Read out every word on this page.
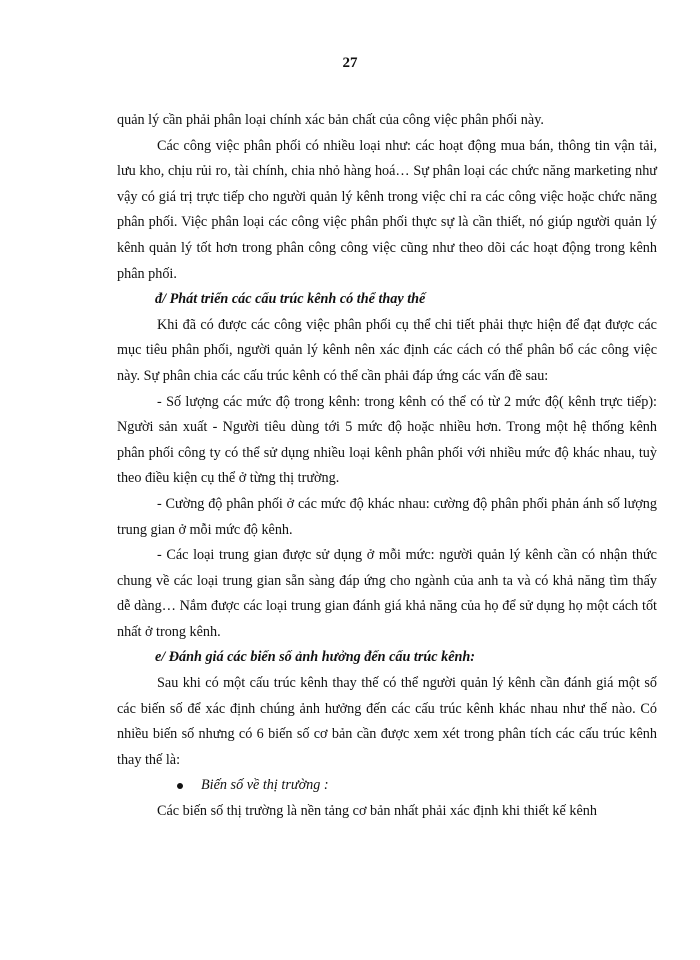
27

quản lý cần phải phân loại chính xác bản chất của công việc phân phối này.

Các công việc phân phối có nhiều loại như: các hoạt động mua bán, thông tin vận tải, lưu kho, chịu rủi ro, tài chính, chia nhỏ hàng hoá… Sự phân loại các chức năng marketing như vậy có giá trị trực tiếp cho người quản lý kênh trong việc chỉ ra các công việc hoặc chức năng phân phối. Việc phân loại các công việc phân phối thực sự là cần thiết, nó giúp người quản lý kênh quản lý tốt hơn trong phân công công việc cũng như theo dõi các hoạt động trong kênh phân phối.

đ/ Phát triển các cấu trúc kênh có thể thay thế

Khi đã có được các công việc phân phối cụ thể chi tiết phải thực hiện để đạt được các mục tiêu phân phối, người quản lý kênh nên xác định các cách có thể phân bổ các công việc này. Sự phân chia các cấu trúc kênh có thể cần phải đáp ứng các vấn đề sau:

- Số lượng các mức độ trong kênh: trong kênh có thể có từ 2 mức độ( kênh trực tiếp): Người sản xuất - Người tiêu dùng tới 5 mức độ hoặc nhiều hơn. Trong một hệ thống kênh phân phối công ty có thể sử dụng nhiều loại kênh phân phối với nhiều mức độ khác nhau, tuỳ theo điều kiện cụ thể ở từng thị trường.

- Cường độ phân phối ở các mức độ khác nhau: cường độ phân phối phản ánh số lượng trung gian ở mỗi mức độ kênh.

- Các loại trung gian được sử dụng ở mỗi mức: người quản lý kênh cần có nhận thức chung về các loại trung gian sẵn sàng đáp ứng cho ngành của anh ta và có khả năng tìm thấy dễ dàng… Nắm được các loại trung gian đánh giá khả năng của họ để sử dụng họ một cách tốt nhất ở trong kênh.

e/ Đánh giá các biến số ảnh hưởng đến cấu trúc kênh:

Sau khi có một cấu trúc kênh thay thế có thể người quản lý kênh cần đánh giá một số các biến số để xác định chúng ảnh hưởng đến các cấu trúc kênh khác nhau như thế nào. Có nhiều biến số nhưng có 6 biến số cơ bản cần được xem xét trong phân tích các cấu trúc kênh thay thế là:

Biến số về thị trường :

Các biến số thị trường là nền tảng cơ bản nhất phải xác định khi thiết kế kênh
